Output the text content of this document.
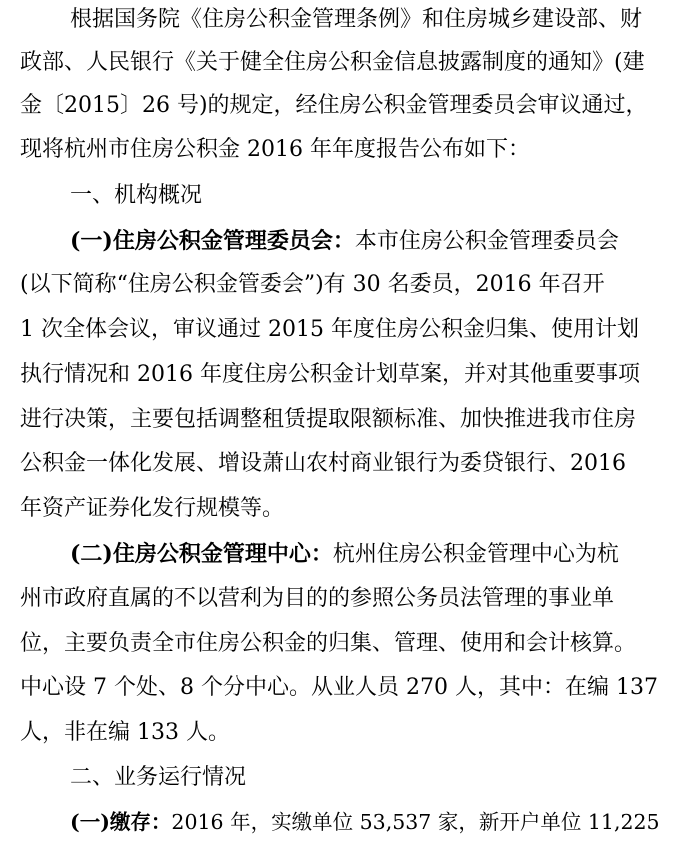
根据国务院《住房公积金管理条例》和住房城乡建设部、财
政部、人民银行《关于健全住房公积金信息披露制度的通知》(建
金〔2015〕26 号)的规定，经住房公积金管理委员会审议通过，
现将杭州市住房公积金 2016 年年度报告公布如下：
一、机构概况
(一)住房公积金管理委员会：本市住房公积金管理委员会
(以下简称“住房公积金管委会”)有 30 名委员，2016 年召开
1 次全体会议，审议通过 2015 年度住房公积金归集、使用计划
执行情况和 2016 年度住房公积金计划草案，并对其他重要事项
进行决策，主要包括调整租赁提取限额标准、加快推进我市住房
公积金一体化发展、增设萧山农村商业银行为委贷银行、2016
年资产证券化发行规模等。
(二)住房公积金管理中心：杭州住房公积金管理中心为杭
州市政府直属的不以营利为目的的参照公务员法管理的事业单
位，主要负责全市住房公积金的归集、管理、使用和会计核算。
中心设 7 个处、8 个分中心。从业人员 270 人，其中：在编 137
人，非在编 133 人。
二、业务运行情况
(一)缴存：2016 年，实缴单位 53,537 家，新开户单位 11,225
